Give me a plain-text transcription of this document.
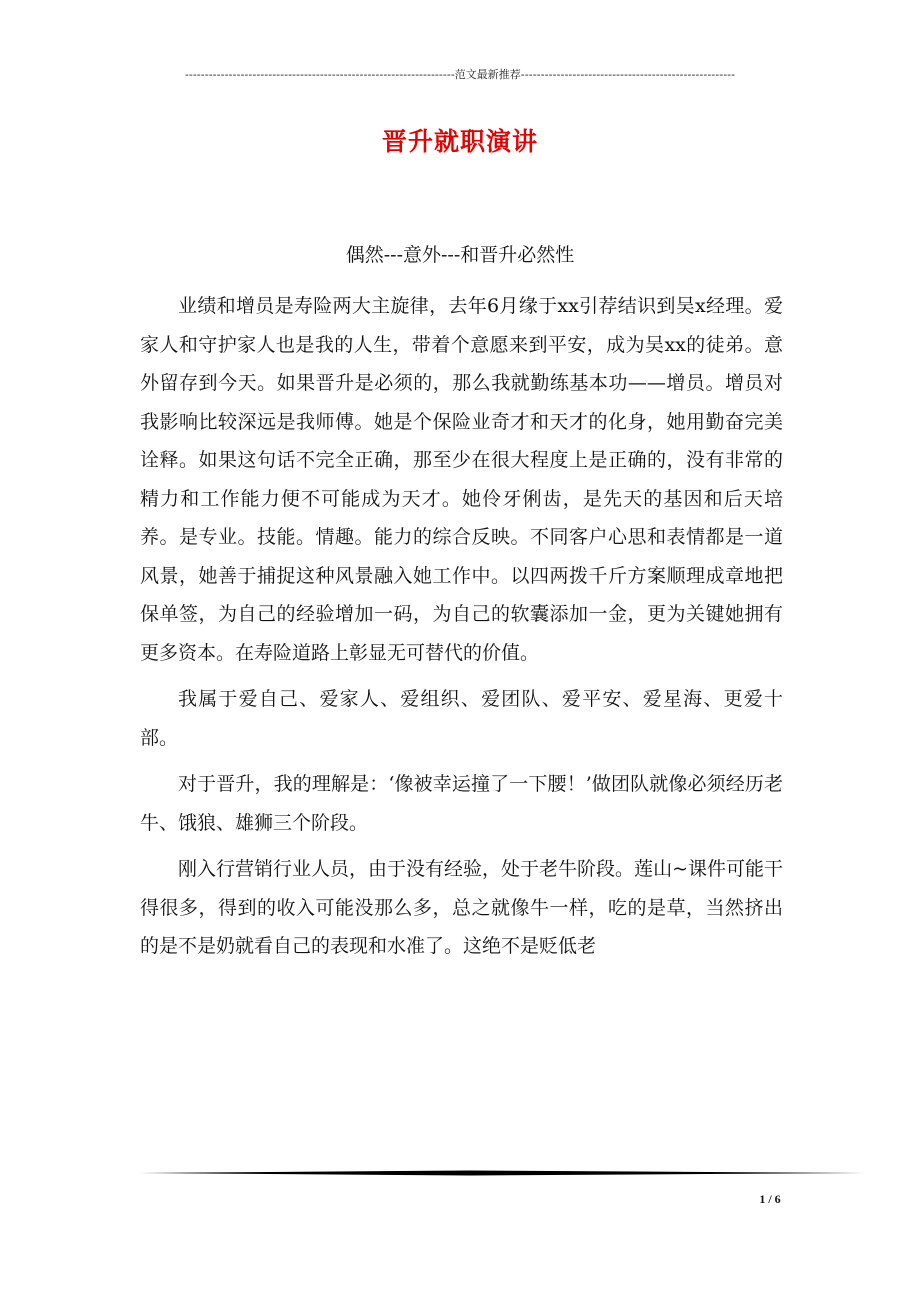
--------------------------------------------------------------------范文最新推荐------------------------------------------------------
晋升就职演讲
偶然---意外---和晋升必然性

业绩和增员是寿险两大主旋律，去年6月缘于xx引荐结识到吴x经理。爱家人和守护家人也是我的人生，带着个意愿来到平安，成为吴xx的徒弟。意外留存到今天。如果晋升是必须的，那么我就勤练基本功——增员。增员对我影响比较深远是我师傅。她是个保险业奇才和天才的化身，她用勤奋完美诠释。如果这句话不完全正确，那至少在很大程度上是正确的，没有非常的精力和工作能力便不可能成为天才。她伶牙俐齿，是先天的基因和后天培养。是专业。技能。情趣。能力的综合反映。不同客户心思和表情都是一道风景，她善于捕捉这种风景融入她工作中。以四两拨千斤方案顺理成章地把保单签，为自己的经验增加一码，为自己的软囊添加一金，更为关键她拥有更多资本。在寿险道路上彰显无可替代的价值。

我属于爱自己、爱家人、爱组织、爱团队、爱平安、爱星海、更爱十部。

对于晋升，我的理解是：‘像被幸运撞了一下腰！’做团队就像必须经历老牛、饿狼、雄狮三个阶段。

刚入行营销行业人员，由于没有经验，处于老牛阶段。莲山~课件可能干得很多，得到的收入可能没那么多，总之就像牛一样，吃的是草，当然挤出的是不是奶就看自己的表现和水准了。这绝不是贬低老

1 / 6
